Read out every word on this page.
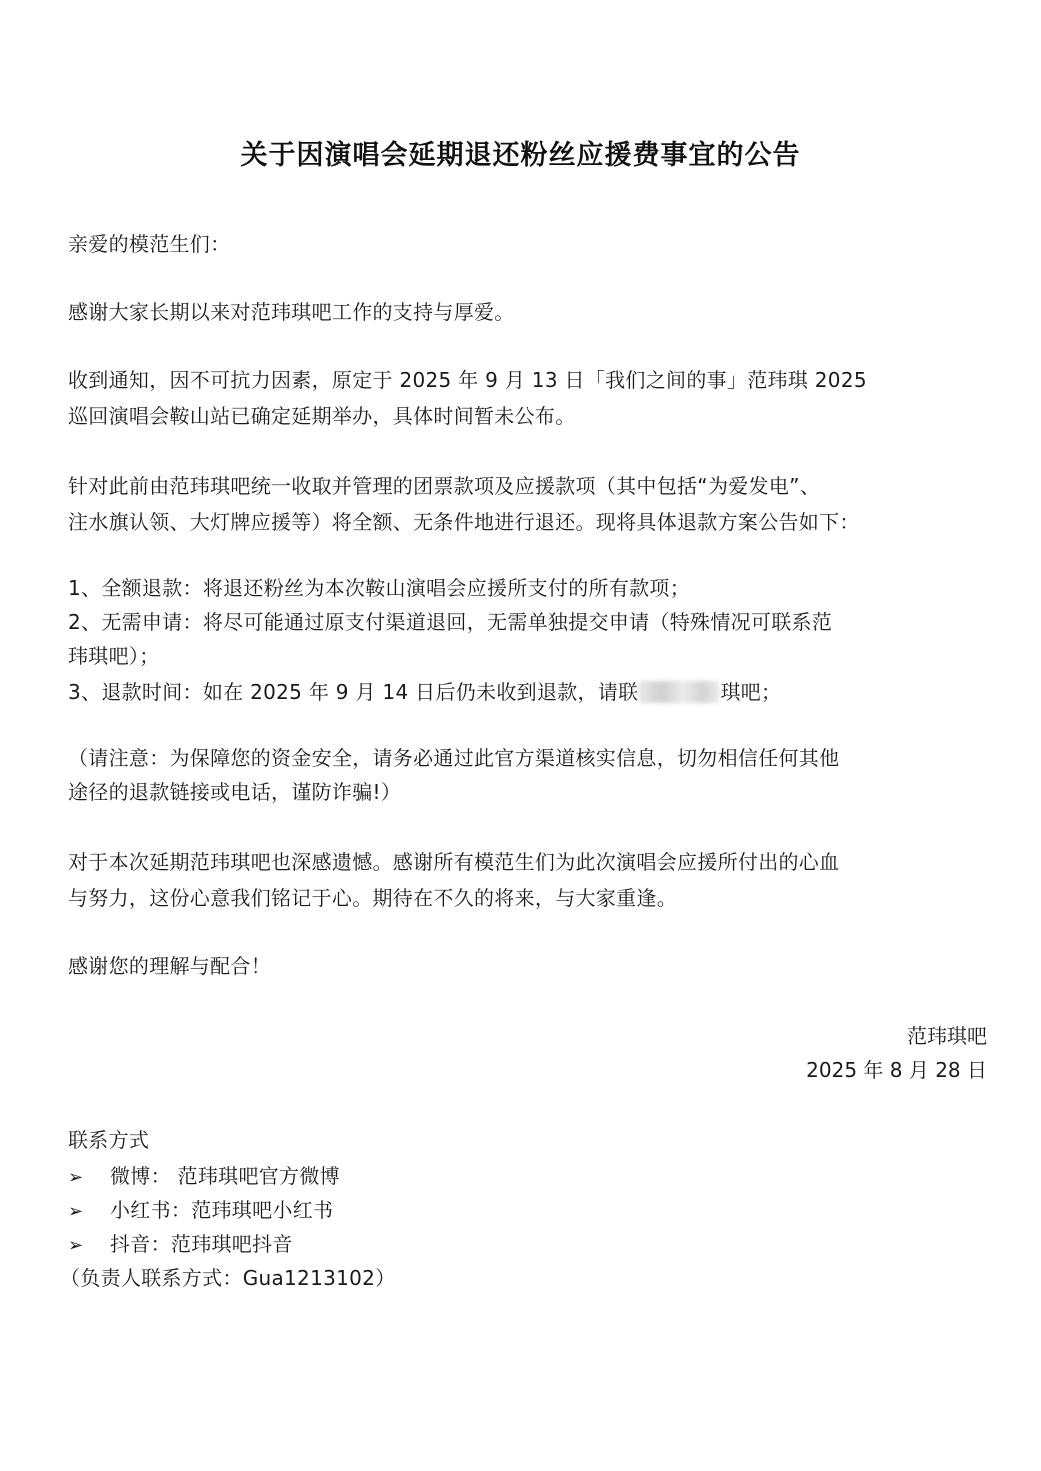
关于因演唱会延期退还粉丝应援费事宜的公告
亲爱的模范生们：
感谢大家长期以来对范玮琪吧工作的支持与厚爱。
收到通知，因不可抗力因素，原定于 2025 年 9 月 13 日「我们之间的事」范玮琪 2025
巡回演唱会鞍山站已确定延期举办，具体时间暂未公布。
针对此前由范玮琪吧统一收取并管理的团票款项及应援款项（其中包括“为爱发电”、
注水旗认领、大灯牌应援等）将全额、无条件地进行退还。现将具体退款方案公告如下：
1、全额退款：将退还粉丝为本次鞍山演唱会应援所支付的所有款项；
2、无需申请：将尽可能通过原支付渠道退回，无需单独提交申请（特殊情况可联系范
玮琪吧）；
3、退款时间：如在 2025 年 9 月 14 日后仍未收到退款，请联	琪吧；
（请注意：为保障您的资金安全，请务必通过此官方渠道核实信息，切勿相信任何其他
途径的退款链接或电话，谨防诈骗!）
对于本次延期范玮琪吧也深感遗憾。感谢所有模范生们为此次演唱会应援所付出的心血
与努力，这份心意我们铭记于心。期待在不久的将来，与大家重逢。
感谢您的理解与配合！
范玮琪吧
2025 年 8 月 28 日
联系方式
➢ 微博： 范玮琪吧官方微博
➢ 小红书：范玮琪吧小红书
➢ 抖音：范玮琪吧抖音
（负责人联系方式：Gua1213102）
